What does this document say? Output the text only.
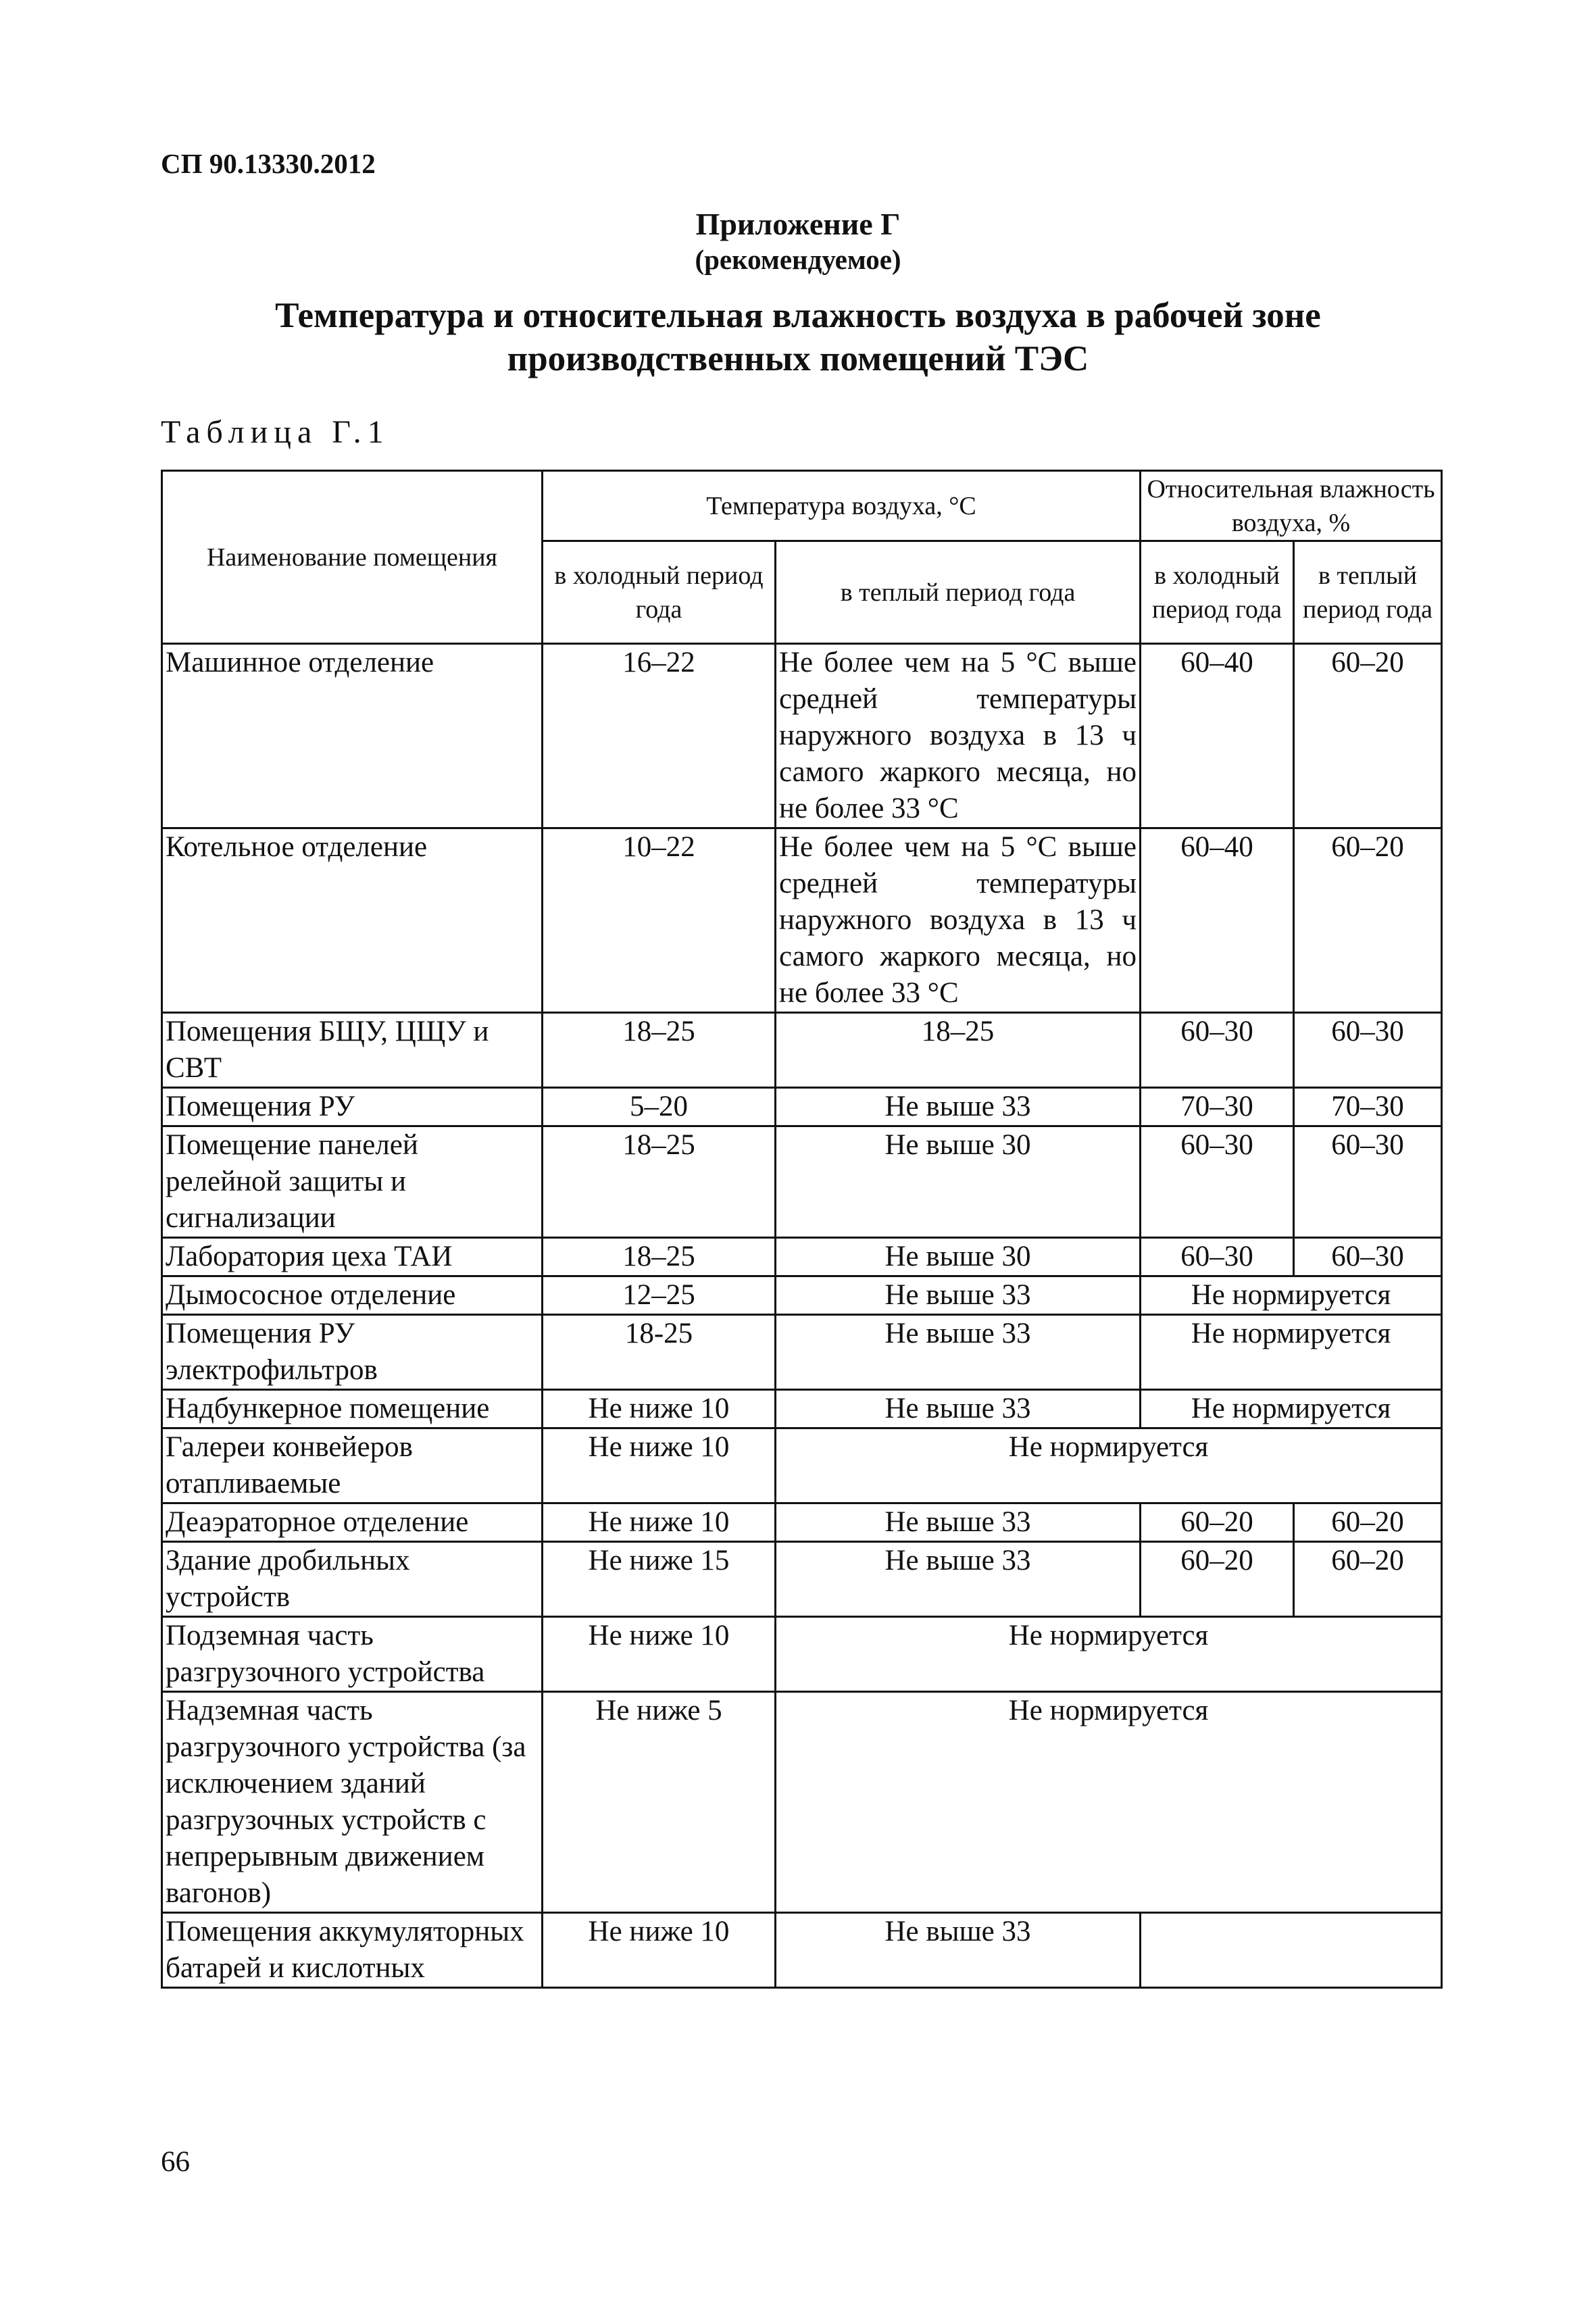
СП 90.13330.2012
Приложение Г
(рекомендуемое)
Температура и относительная влажность воздуха в рабочей зоне
производственных помещений ТЭС
Таблица Г.1
Наименование помещения	Температура воздуха, °С		Относительная влажность воздуха, %	
	в холодный период года	в теплый период года	в холодный период года	в теплый период года
Машинное отделение	16–22	Не более чем на 5 °С выше средней температуры наружного воздуха в 13 ч самого жаркого месяца, но не более 33 °С	60–40	60–20
Котельное отделение	10–22	Не более чем на 5 °С выше средней температуры наружного воздуха в 13 ч самого жаркого месяца, но не более 33 °С	60–40	60–20
Помещения БЩУ, ЦЩУ и СВТ	18–25	18–25	60–30	60–30
Помещения РУ	5–20	Не выше 33	70–30	70–30
Помещение панелей релейной защиты и сигнализации	18–25	Не выше 30	60–30	60–30
Лаборатория цеха ТАИ	18–25	Не выше 30	60–30	60–30
Дымососное отделение	12–25	Не выше 33	Не нормируется	
Помещения РУ электрофильтров	18-25	Не выше 33	Не нормируется	
Надбункерное помещение	Не ниже 10	Не выше 33	Не нормируется	
Галереи конвейеров отапливаемые	Не ниже 10	Не нормируется		
Деаэраторное отделение	Не ниже 10	Не выше 33	60–20	60–20
Здание дробильных устройств	Не ниже 15	Не выше 33	60–20	60–20
Подземная часть разгрузочного устройства	Не ниже 10	Не нормируется		
Надземная часть разгрузочного устройства (за исключением зданий разгрузочных устройств с непрерывным движением вагонов)	Не ниже 5	Не нормируется		
Помещения аккумуляторных батарей и кислотных	Не ниже 10	Не выше 33		
66
